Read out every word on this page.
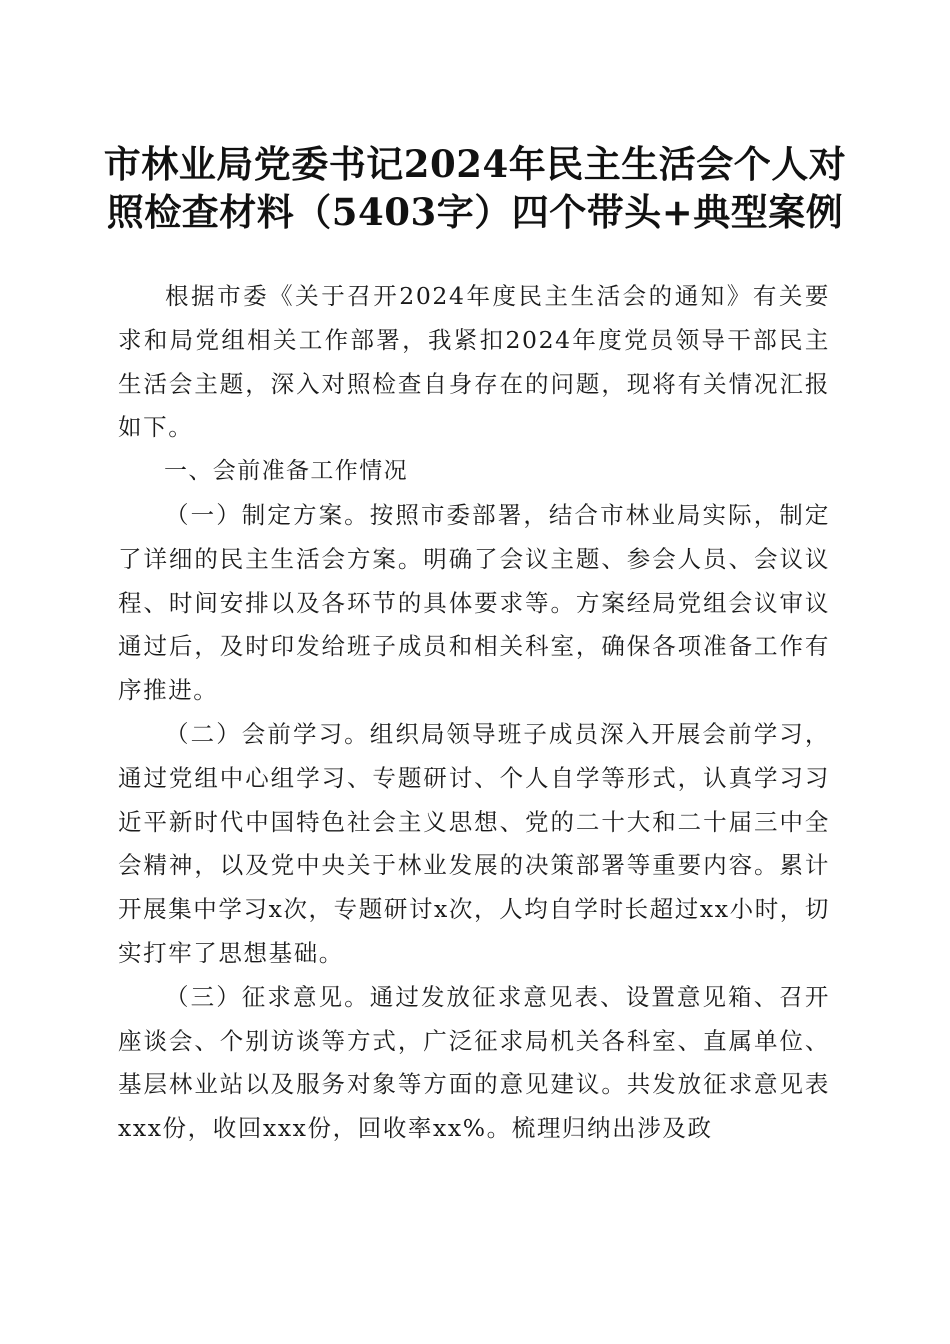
市林业局党委书记2024年民主生活会个人对
照检查材料（5403字）四个带头+典型案例

根据市委《关于召开2024年度民主生活会的通知》有关要求和局党组相关工作部署，我紧扣2024年度党员领导干部民主生活会主题，深入对照检查自身存在的问题，现将有关情况汇报如下。

一、会前准备工作情况

（一）制定方案。按照市委部署，结合市林业局实际，制定了详细的民主生活会方案。明确了会议主题、参会人员、会议议程、时间安排以及各环节的具体要求等。方案经局党组会议审议通过后，及时印发给班子成员和相关科室，确保各项准备工作有序推进。

（二）会前学习。组织局领导班子成员深入开展会前学习，通过党组中心组学习、专题研讨、个人自学等形式，认真学习习近平新时代中国特色社会主义思想、党的二十大和二十届三中全会精神，以及党中央关于林业发展的决策部署等重要内容。累计开展集中学习x次，专题研讨x次，人均自学时长超过xx小时，切实打牢了思想基础。

（三）征求意见。通过发放征求意见表、设置意见箱、召开座谈会、个别访谈等方式，广泛征求局机关各科室、直属单位、基层林业站以及服务对象等方面的意见建议。共发放征求意见表xxx份，收回xxx份，回收率xx%。梳理归纳出涉及政
